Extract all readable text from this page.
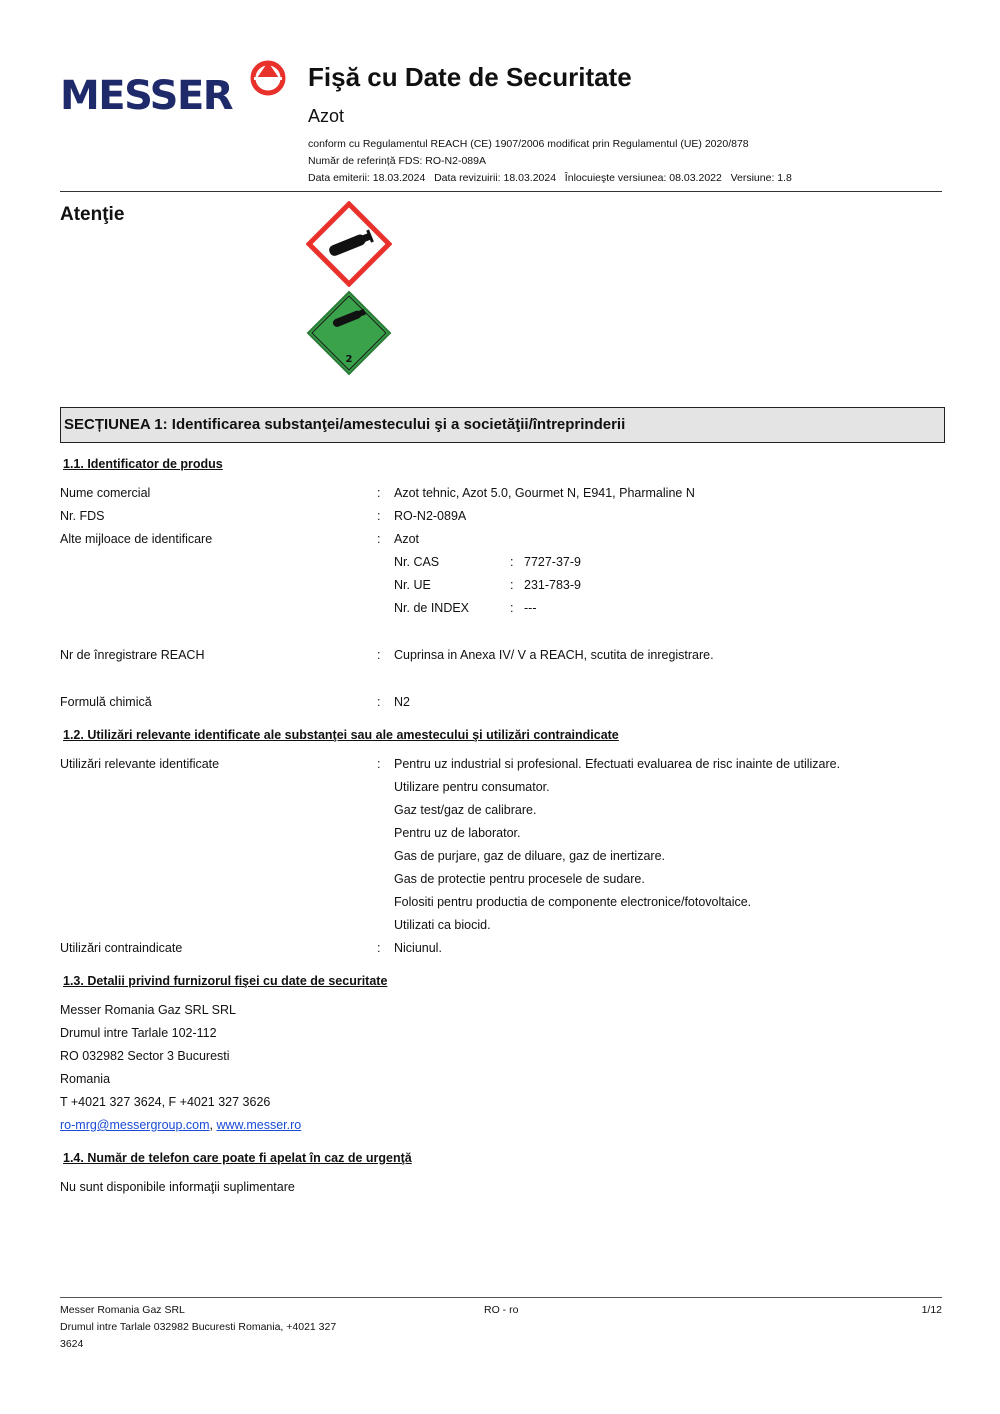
MESSER	Fişă cu Date de Securitate
Azot
conform cu Regulamentul REACH (CE) 1907/2006 modificat prin Regulamentul (UE) 2020/878
Număr de referință FDS: RO-N2-089A
Data emiterii: 18.03.2024   Data revizuirii: 18.03.2024   Înlocuieşte versiunea: 08.03.2022   Versiune: 1.8
Atenţie
2
SECȚIUNEA 1: Identificarea substanţei/amestecului şi a societăţii/întreprinderii
1.1. Identificator de produs
Nume comercial	: Azot tehnic, Azot 5.0, Gourmet N, E941, Pharmaline N
Nr. FDS	: RO-N2-089A
Alte mijloace de identificare	: Azot
Nr. CAS	: 7727-37-9
Nr. UE	: 231-783-9
Nr. de INDEX	: ---
Nr de înregistrare REACH	: Cuprinsa in Anexa IV/ V a REACH, scutita de inregistrare.
Formulă chimică	: N2
1.2. Utilizări relevante identificate ale substanţei sau ale amestecului şi utilizări contraindicate
Utilizări relevante identificate	: Pentru uz industrial si profesional. Efectuati evaluarea de risc inainte de utilizare.
Utilizare pentru consumator.
Gaz test/gaz de calibrare.
Pentru uz de laborator.
Gas de purjare, gaz de diluare, gaz de inertizare.
Gas de protectie pentru procesele de sudare.
Folositi pentru productia de componente electronice/fotovoltaice.
Utilizati ca biocid.
Utilizări contraindicate	: Niciunul.
1.3. Detalii privind furnizorul fişei cu date de securitate
Messer Romania Gaz SRL SRL
Drumul intre Tarlale 102-112
RO 032982 Sector 3 Bucuresti
Romania
T +4021 327 3624, F +4021 327 3626
ro-mrg@messergroup.com, www.messer.ro
1.4. Număr de telefon care poate fi apelat în caz de urgenţă
Nu sunt disponibile informaţii suplimentare
Messer Romania Gaz SRL
Drumul intre Tarlale 032982 Bucuresti Romania, +4021 327
3624
RO - ro	1/12
